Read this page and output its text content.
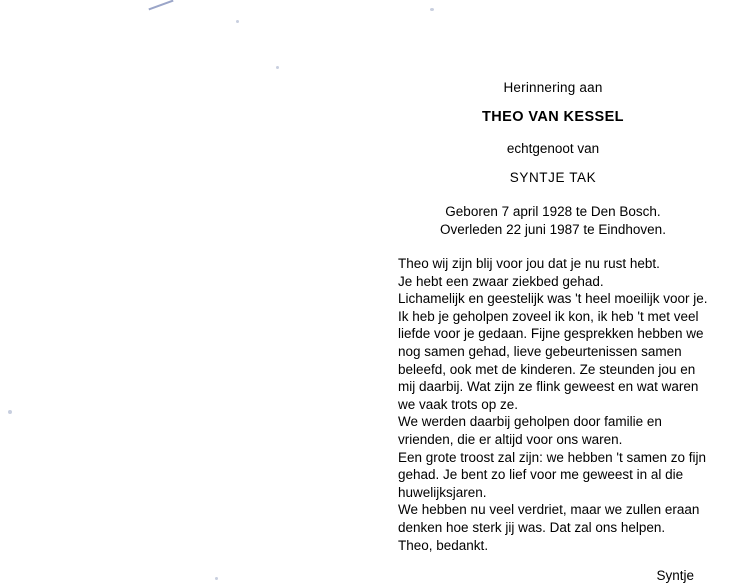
Herinnering aan
THEO VAN KESSEL
echtgenoot van
SYNTJE TAK
Geboren 7 april 1928 te Den Bosch.
Overleden 22 juni 1987 te Eindhoven.

Theo wij zijn blij voor jou dat je nu rust hebt.

Je hebt een zwaar ziekbed gehad.

Lichamelijk en geestelijk was 't heel moeilijk voor je.

Ik heb je geholpen zoveel ik kon, ik heb 't met veel liefde voor je gedaan. Fijne gesprekken hebben we nog samen gehad, lieve gebeurtenissen samen beleefd, ook met de kinderen. Ze steunden jou en mij daarbij. Wat zijn ze flink geweest en wat waren we vaak trots op ze.

We werden daarbij geholpen door familie en vrienden, die er altijd voor ons waren.

Een grote troost zal zijn: we hebben 't samen zo fijn gehad. Je bent zo lief voor me geweest in al die huwelijksjaren.

We hebben nu veel verdriet, maar we zullen eraan denken hoe sterk jij was. Dat zal ons helpen.

Theo, bedankt.

Syntje
